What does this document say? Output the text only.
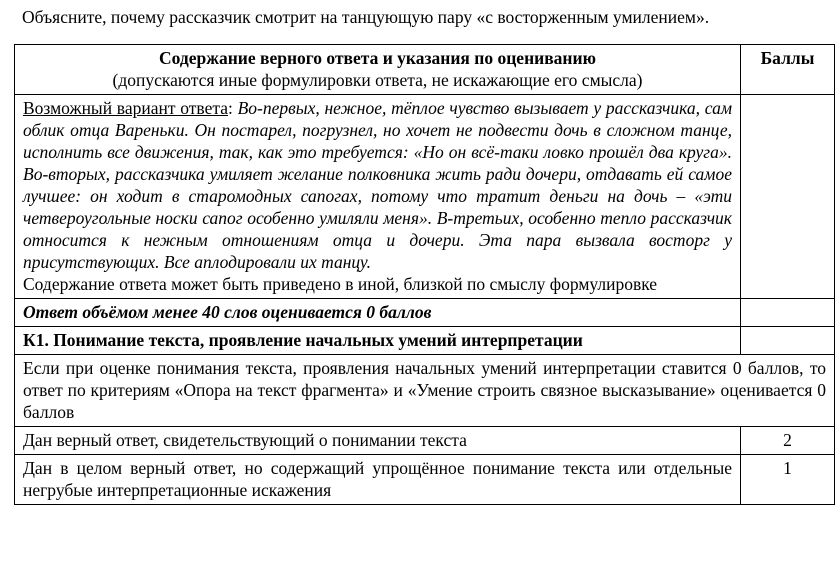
Объясните, почему рассказчик смотрит на танцующую пару «с восторженным умилением».
Содержание верного ответа и указания по оцениванию
(допускаются иные формулировки ответа, не искажающие его смысла)	Баллы

Возможный вариант ответа: Во-первых, нежное, тёплое чувство вызывает у рассказчика, сам облик отца Вареньки. Он постарел, погрузнел, но хочет не подвести дочь в сложном танце, исполнить все движения, так, как это требуется: «Но он всё-таки ловко прошёл два круга». Во-вторых, рассказчика умиляет желание полковника жить ради дочери, отдавать ей самое лучшее: он ходит в старомодных сапогах, потому что тратит деньги на дочь – «эти четвероугольные носки сапог особенно умиляли меня». В-третьих, особенно тепло рассказчик относится к нежным отношениям отца и дочери. Эта пара вызвала восторг у присутствующих. Все аплодировали их танцу.
Содержание ответа может быть приведено в иной, близкой по смыслу формулировке	

Ответ объёмом менее 40 слов оценивается 0 баллов	
К1. Понимание текста, проявление начальных умений интерпретации	
Если при оценке понимания текста, проявления начальных умений интерпретации ставится 0 баллов, то ответ по критериям «Опора на текст фрагмента» и «Умение строить связное высказывание» оценивается 0 баллов	
Дан верный ответ, свидетельствующий о понимании текста	2
Дан в целом верный ответ, но содержащий упрощённое понимание текста или отдельные негрубые интерпретационные искажения	1
